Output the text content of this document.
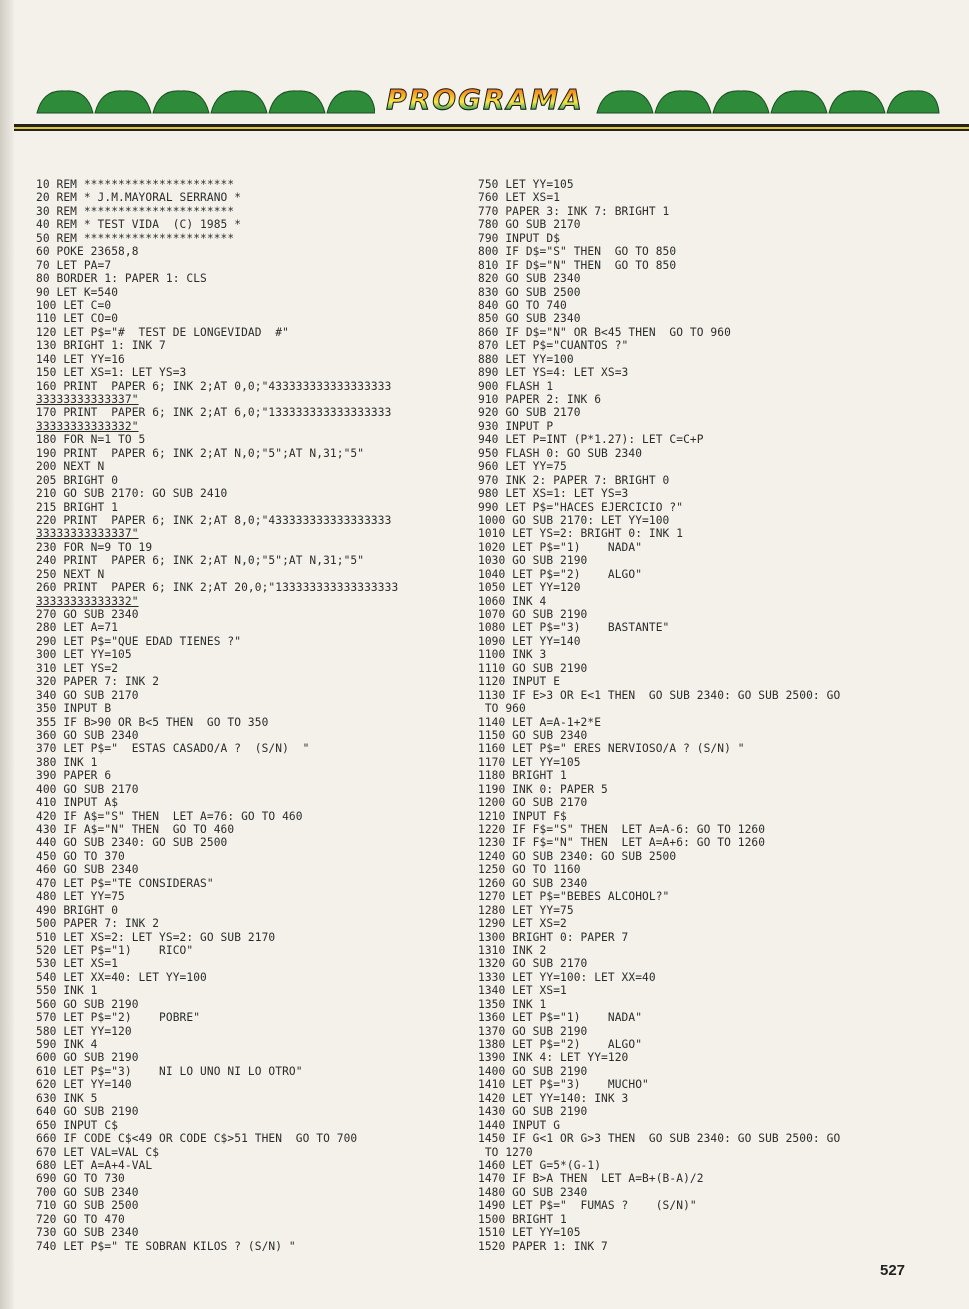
PROGRAMA
10 REM **********************
20 REM * J.M.MAYORAL SERRANO *
30 REM **********************
40 REM * TEST VIDA  (C) 1985 *
50 REM **********************
60 POKE 23658,8
70 LET PA=7
80 BORDER 1: PAPER 1: CLS
90 LET K=540
100 LET C=0
110 LET CO=0
120 LET P$="#  TEST DE LONGEVIDAD  #"
130 BRIGHT 1: INK 7
140 LET YY=16
150 LET XS=1: LET YS=3
160 PRINT  PAPER 6; INK 2;AT 0,0;"433333333333333333
33333333333337"
170 PRINT  PAPER 6; INK 2;AT 6,0;"133333333333333333
33333333333332"
180 FOR N=1 TO 5
190 PRINT  PAPER 6; INK 2;AT N,0;"5";AT N,31;"5"
200 NEXT N
205 BRIGHT 0
210 GO SUB 2170: GO SUB 2410
215 BRIGHT 1
220 PRINT  PAPER 6; INK 2;AT 8,0;"433333333333333333
33333333333337"
230 FOR N=9 TO 19
240 PRINT  PAPER 6; INK 2;AT N,0;"5";AT N,31;"5"
250 NEXT N
260 PRINT  PAPER 6; INK 2;AT 20,0;"133333333333333333
33333333333332"
270 GO SUB 2340
280 LET A=71
290 LET P$="QUE EDAD TIENES ?"
300 LET YY=105
310 LET YS=2
320 PAPER 7: INK 2
340 GO SUB 2170
350 INPUT B
355 IF B>90 OR B<5 THEN  GO TO 350
360 GO SUB 2340
370 LET P$="  ESTAS CASADO/A ?  (S/N)  "
380 INK 1
390 PAPER 6
400 GO SUB 2170
410 INPUT A$
420 IF A$="S" THEN  LET A=76: GO TO 460
430 IF A$="N" THEN  GO TO 460
440 GO SUB 2340: GO SUB 2500
450 GO TO 370
460 GO SUB 2340
470 LET P$="TE CONSIDERAS"
480 LET YY=75
490 BRIGHT 0
500 PAPER 7: INK 2
510 LET XS=2: LET YS=2: GO SUB 2170
520 LET P$="1)    RICO"
530 LET XS=1
540 LET XX=40: LET YY=100
550 INK 1
560 GO SUB 2190
570 LET P$="2)    POBRE"
580 LET YY=120
590 INK 4
600 GO SUB 2190
610 LET P$="3)    NI LO UNO NI LO OTRO"
620 LET YY=140
630 INK 5
640 GO SUB 2190
650 INPUT C$
660 IF CODE C$<49 OR CODE C$>51 THEN  GO TO 700
670 LET VAL=VAL C$
680 LET A=A+4-VAL
690 GO TO 730
700 GO SUB 2340
710 GO SUB 2500
720 GO TO 470
730 GO SUB 2340
740 LET P$=" TE SOBRAN KILOS ? (S/N) "
750 LET YY=105
760 LET XS=1
770 PAPER 3: INK 7: BRIGHT 1
780 GO SUB 2170
790 INPUT D$
800 IF D$="S" THEN  GO TO 850
810 IF D$="N" THEN  GO TO 850
820 GO SUB 2340
830 GO SUB 2500
840 GO TO 740
850 GO SUB 2340
860 IF D$="N" OR B<45 THEN  GO TO 960
870 LET P$="CUANTOS ?"
880 LET YY=100
890 LET YS=4: LET XS=3
900 FLASH 1
910 PAPER 2: INK 6
920 GO SUB 2170
930 INPUT P
940 LET P=INT (P*1.27): LET C=C+P
950 FLASH 0: GO SUB 2340
960 LET YY=75
970 INK 2: PAPER 7: BRIGHT 0
980 LET XS=1: LET YS=3
990 LET P$="HACES EJERCICIO ?"
1000 GO SUB 2170: LET YY=100
1010 LET YS=2: BRIGHT 0: INK 1
1020 LET P$="1)    NADA"
1030 GO SUB 2190
1040 LET P$="2)    ALGO"
1050 LET YY=120
1060 INK 4
1070 GO SUB 2190
1080 LET P$="3)    BASTANTE"
1090 LET YY=140
1100 INK 3
1110 GO SUB 2190
1120 INPUT E
1130 IF E>3 OR E<1 THEN  GO SUB 2340: GO SUB 2500: GO
TO 960
1140 LET A=A-1+2*E
1150 GO SUB 2340
1160 LET P$=" ERES NERVIOSO/A ? (S/N) "
1170 LET YY=105
1180 BRIGHT 1
1190 INK 0: PAPER 5
1200 GO SUB 2170
1210 INPUT F$
1220 IF F$="S" THEN  LET A=A-6: GO TO 1260
1230 IF F$="N" THEN  LET A=A+6: GO TO 1260
1240 GO SUB 2340: GO SUB 2500
1250 GO TO 1160
1260 GO SUB 2340
1270 LET P$="BEBES ALCOHOL?"
1280 LET YY=75
1290 LET XS=2
1300 BRIGHT 0: PAPER 7
1310 INK 2
1320 GO SUB 2170
1330 LET YY=100: LET XX=40
1340 LET XS=1
1350 INK 1
1360 LET P$="1)    NADA"
1370 GO SUB 2190
1380 LET P$="2)    ALGO"
1390 INK 4: LET YY=120
1400 GO SUB 2190
1410 LET P$="3)    MUCHO"
1420 LET YY=140: INK 3
1430 GO SUB 2190
1440 INPUT G
1450 IF G<1 OR G>3 THEN  GO SUB 2340: GO SUB 2500: GO
TO 1270
1460 LET G=5*(G-1)
1470 IF B>A THEN  LET A=B+(B-A)/2
1480 GO SUB 2340
1490 LET P$="  FUMAS ?    (S/N)"
1500 BRIGHT 1
1510 LET YY=105
1520 PAPER 1: INK 7
527
